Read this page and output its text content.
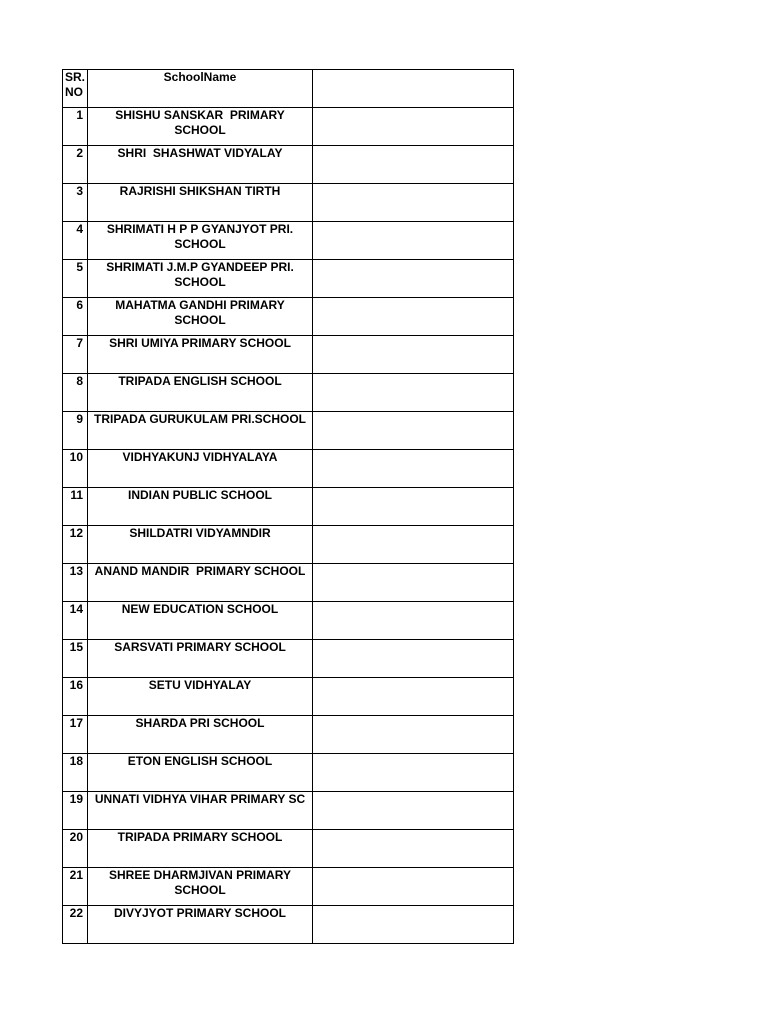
SR.
NO	SchoolName	
1	SHISHU SANSKAR  PRIMARY SCHOOL	
2	SHRI  SHASHWAT VIDYALAY	
3	RAJRISHI SHIKSHAN TIRTH	
4	SHRIMATI H P P GYANJYOT PRI. SCHOOL	
5	SHRIMATI J.M.P GYANDEEP PRI. SCHOOL	
6	MAHATMA GANDHI PRIMARY SCHOOL	
7	SHRI UMIYA PRIMARY SCHOOL	
8	TRIPADA ENGLISH SCHOOL	
9	TRIPADA GURUKULAM PRI.SCHOOL	
10	VIDHYAKUNJ VIDHYALAYA	
11	INDIAN PUBLIC SCHOOL	
12	SHILDATRI VIDYAMNDIR	
13	ANAND MANDIR  PRIMARY SCHOOL	
14	NEW EDUCATION SCHOOL	
15	SARSVATI PRIMARY SCHOOL	
16	SETU VIDHYALAY	
17	SHARDA PRI SCHOOL	
18	ETON ENGLISH SCHOOL	
19	UNNATI VIDHYA VIHAR PRIMARY SC	
20	TRIPADA PRIMARY SCHOOL	
21	SHREE DHARMJIVAN PRIMARY SCHOOL	
22	DIVYJYOT PRIMARY SCHOOL	
